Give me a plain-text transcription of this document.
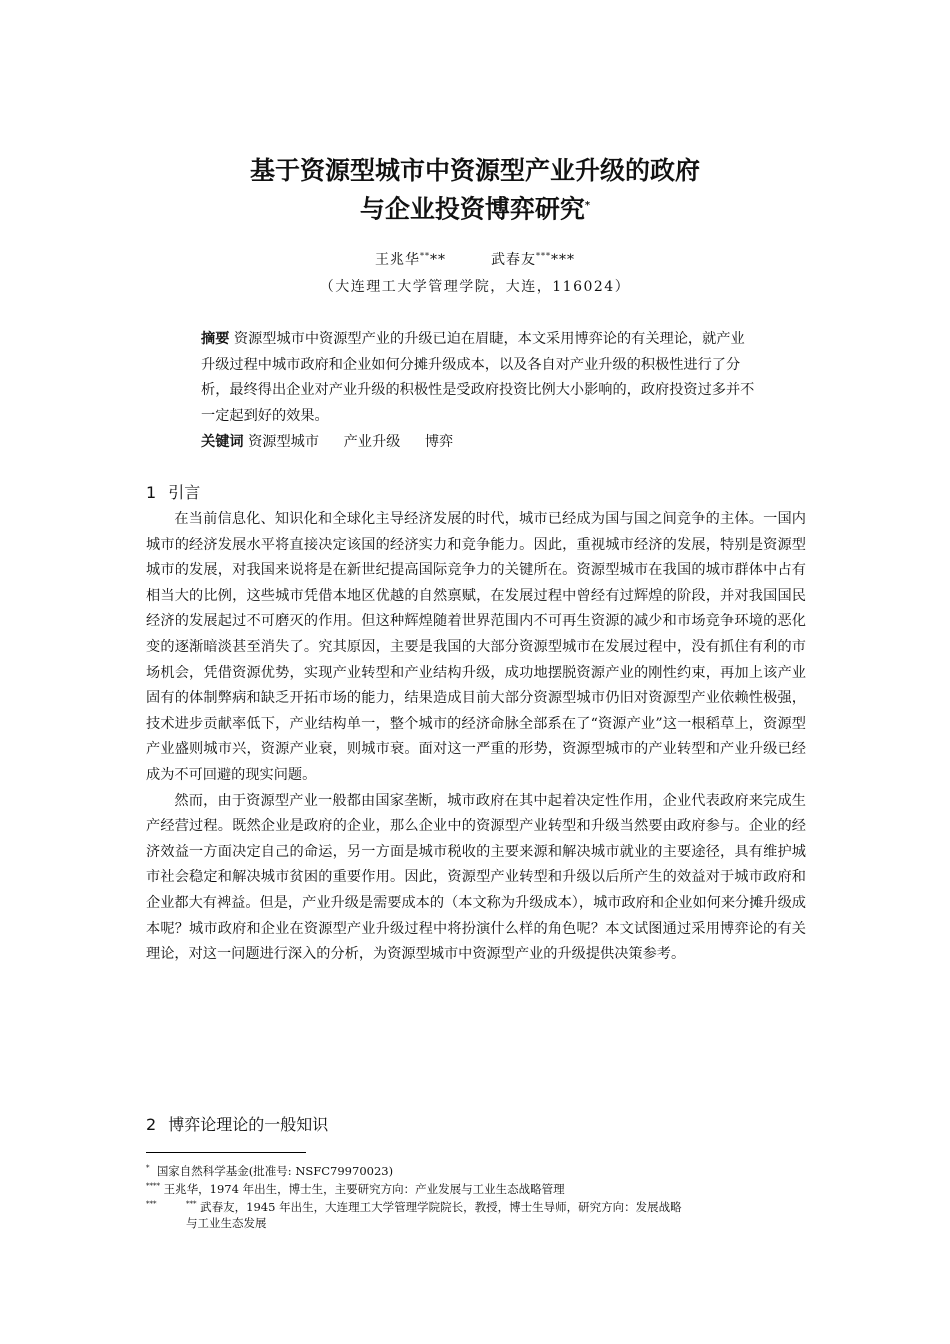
基于资源型城市中资源型产业升级的政府
与企业投资博弈研究*
王兆华****	武春友******
（大连理工大学管理学院，大连，116024）
摘要 资源型城市中资源型产业的升级已迫在眉睫，本文采用博弈论的有关理论，就产业升级过程中城市政府和企业如何分摊升级成本，以及各自对产业升级的积极性进行了分析，最终得出企业对产业升级的积极性是受政府投资比例大小影响的，政府投资过多并不一定起到好的效果。
关键词 资源型城市 产业升级 博弈
1 引言

在当前信息化、知识化和全球化主导经济发展的时代，城市已经成为国与国之间竞争的主体。一国内城市的经济发展水平将直接决定该国的经济实力和竞争能力。因此，重视城市经济的发展，特别是资源型城市的发展，对我国来说将是在新世纪提高国际竞争力的关键所在。资源型城市在我国的城市群体中占有相当大的比例，这些城市凭借本地区优越的自然禀赋，在发展过程中曾经有过辉煌的阶段，并对我国国民经济的发展起过不可磨灭的作用。但这种辉煌随着世界范围内不可再生资源的减少和市场竞争环境的恶化变的逐渐暗淡甚至消失了。究其原因，主要是我国的大部分资源型城市在发展过程中，没有抓住有利的市场机会，凭借资源优势，实现产业转型和产业结构升级，成功地摆脱资源产业的刚性约束，再加上该产业固有的体制弊病和缺乏开拓市场的能力，结果造成目前大部分资源型城市仍旧对资源型产业依赖性极强，技术进步贡献率低下，产业结构单一，整个城市的经济命脉全部系在了“资源产业”这一根稻草上，资源型产业盛则城市兴，资源产业衰，则城市衰。面对这一严重的形势，资源型城市的产业转型和产业升级已经成为不可回避的现实问题。

然而，由于资源型产业一般都由国家垄断，城市政府在其中起着决定性作用，企业代表政府来完成生产经营过程。既然企业是政府的企业，那么企业中的资源型产业转型和升级当然要由政府参与。企业的经济效益一方面决定自己的命运，另一方面是城市税收的主要来源和解决城市就业的主要途径，具有维护城市社会稳定和解决城市贫困的重要作用。因此，资源型产业转型和升级以后所产生的效益对于城市政府和企业都大有裨益。但是，产业升级是需要成本的（本文称为升级成本），城市政府和企业如何来分摊升级成本呢？城市政府和企业在资源型产业升级过程中将扮演什么样的角色呢？本文试图通过采用博弈论的有关理论，对这一问题进行深入的分析，为资源型城市中资源型产业的升级提供决策参考。

2 博弈论理论的一般知识
* 国家自然科学基金(批准号: NSFC79970023)
**** 王兆华，1974 年出生，博士生，主要研究方向：产业发展与工业生态战略管理
***	*** 武春友，1945 年出生，大连理工大学管理学院院长，教授，博士生导师，研究方向：发展战略
与工业生态发展
